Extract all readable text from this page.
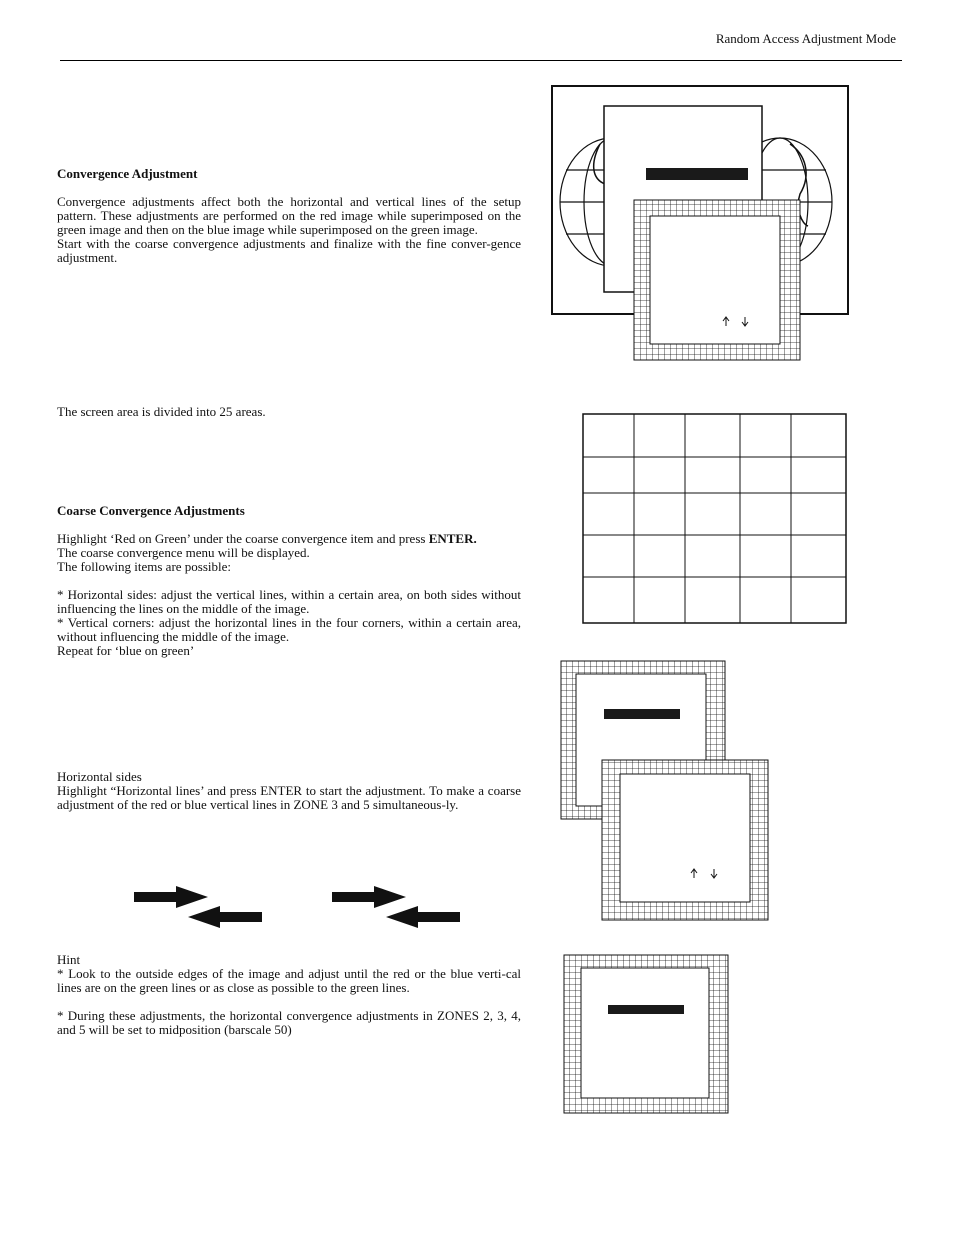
Random Access Adjustment Mode

Convergence Adjustment

Convergence adjustments affect both the horizontal and vertical lines of the setup pattern. These adjustments are performed on the red image while superimposed on the green image and then on the blue image while superimposed on the green image.

Start with the coarse convergence adjustments and finalize with the fine conver-gence adjustment.

The screen area is divided into 25 areas.

Coarse Convergence Adjustments

Highlight ‘Red on Green’ under the coarse convergence item and press ENTER.

The coarse convergence menu will be displayed.

The following items are possible:

* Horizontal sides: adjust the vertical lines, within a certain area, on both sides without influencing the lines on the middle of the image.

* Vertical corners: adjust the horizontal lines in the four corners, within a certain area, without influencing the middle of the image.

Repeat for ‘blue on green’

Horizontal sides

Highlight “Horizontal lines’ and press ENTER to start the adjustment. To make a coarse adjustment of the red or blue vertical lines in ZONE 3 and 5 simultaneous-ly.

Hint

* Look to the outside edges of the image and adjust until the red or the blue verti-cal lines are on the green lines or as close as possible to the green lines.

* During these adjustments, the horizontal convergence adjustments in ZONES 2, 3, 4, and 5 will be set to midposition (barscale 50)
